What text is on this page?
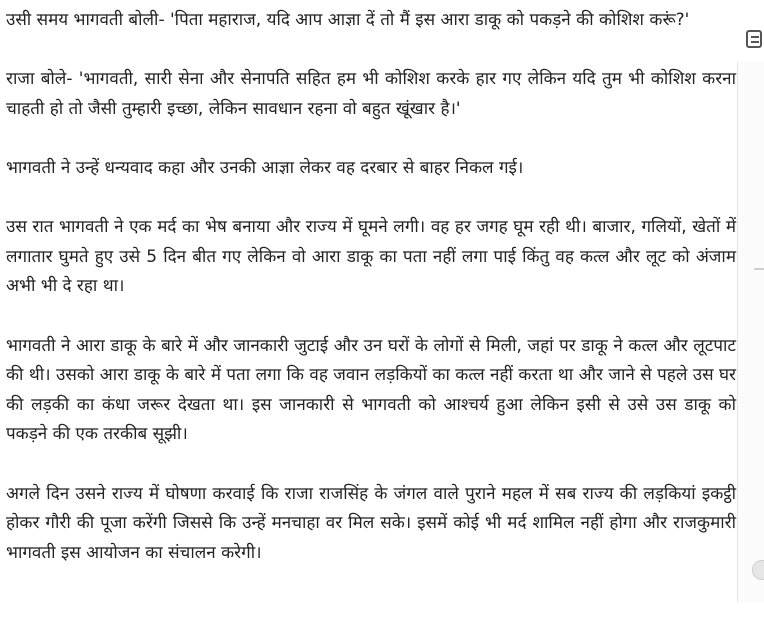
उसी समय भागवती बोली- 'पिता महाराज, यदि आप आज्ञा दें तो मैं इस आरा डाकू को पकड़ने की कोशिश करूं?'

राजा बोले- 'भागवती, सारी सेना और सेनापति सहित हम भी कोशिश करके हार गए लेकिन यदि तुम भी कोशिश करना चाहती हो तो जैसी तुम्हारी इच्छा, लेकिन सावधान रहना वो बहुत खूंखार है।'

भागवती ने उन्हें धन्यवाद कहा और उनकी आज्ञा लेकर वह दरबार से बाहर निकल गई।

उस रात भागवती ने एक मर्द का भेष बनाया और राज्य में घूमने लगी। वह हर जगह घूम रही थी। बाजार, गलियों, खेतों में लगातार घुमते हुए उसे 5 दिन बीत गए लेकिन वो आरा डाकू का पता नहीं लगा पाई किंतु वह कत्ल और लूट को अंजाम अभी भी दे रहा था।

भागवती ने आरा डाकू के बारे में और जानकारी जुटाई और उन घरों के लोगों से मिली, जहां पर डाकू ने कत्ल और लूटपाट की थी। उसको आरा डाकू के बारे में पता लगा कि वह जवान लड़कियों का कत्ल नहीं करता था और जाने से पहले उस घर की लड़की का कंधा जरूर देखता था। इस जानकारी से भागवती को आश्चर्य हुआ लेकिन इसी से उसे उस डाकू को पकड़ने की एक तरकीब सूझी।

अगले दिन उसने राज्य में घोषणा करवाई कि राजा राजसिंह के जंगल वाले पुराने महल में सब राज्य की लड़कियां इकट्ठी होकर गौरी की पूजा करेंगी जिससे कि उन्हें मनचाहा वर मिल सके। इसमें कोई भी मर्द शामिल नहीं होगा और राजकुमारी भागवती इस आयोजन का संचालन करेगी।
